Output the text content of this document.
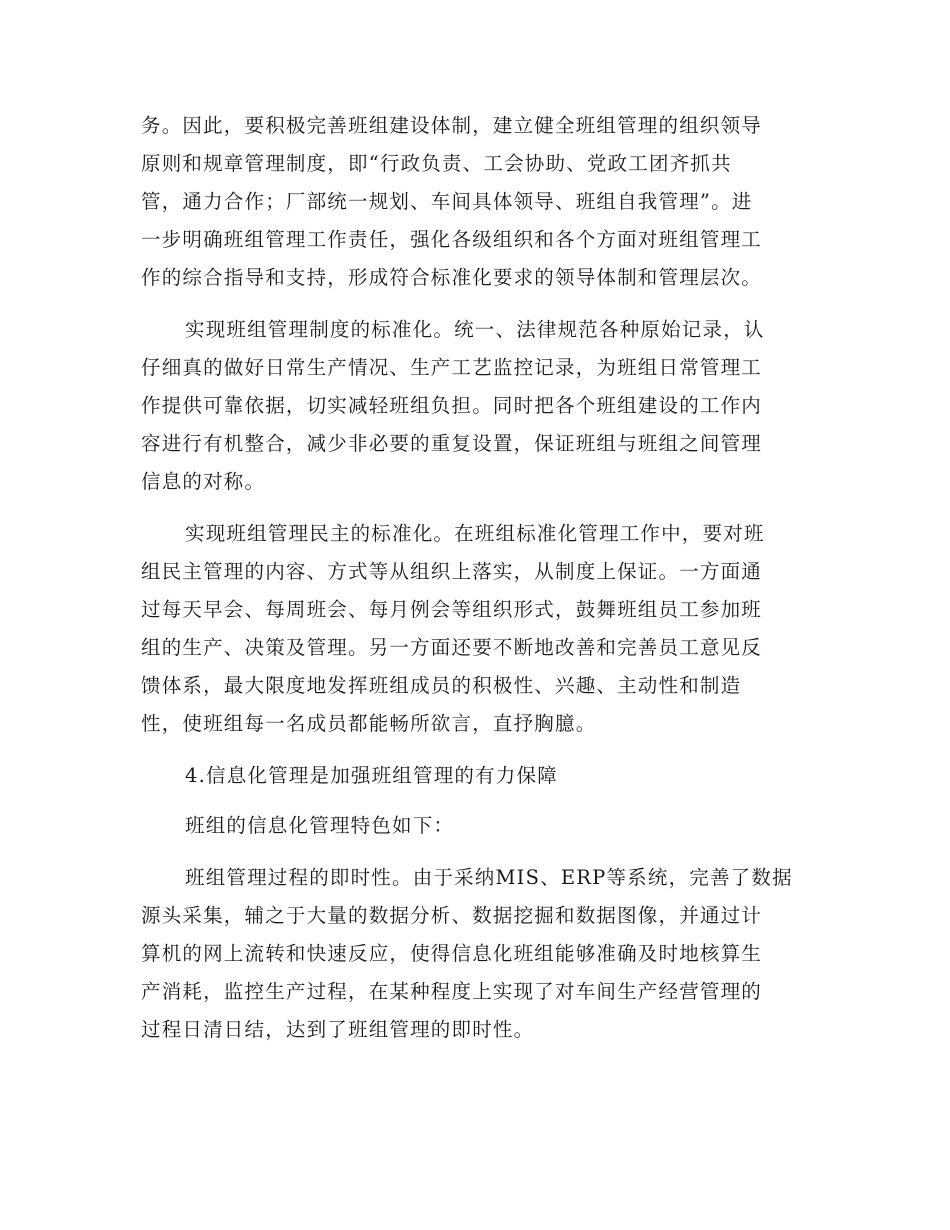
务。因此，要积极完善班组建设体制，建立健全班组管理的组织领导

原则和规章管理制度，即“行政负责、工会协助、党政工团齐抓共

管，通力合作；厂部统一规划、车间具体领导、班组自我管理”。进

一步明确班组管理工作责任，强化各级组织和各个方面对班组管理工

作的综合指导和支持，形成符合标准化要求的领导体制和管理层次。

实现班组管理制度的标准化。统一、法律规范各种原始记录，认

仔细真的做好日常生产情况、生产工艺监控记录，为班组日常管理工

作提供可靠依据，切实减轻班组负担。同时把各个班组建设的工作内

容进行有机整合，减少非必要的重复设置，保证班组与班组之间管理

信息的对称。

实现班组管理民主的标准化。在班组标准化管理工作中，要对班

组民主管理的内容、方式等从组织上落实，从制度上保证。一方面通

过每天早会、每周班会、每月例会等组织形式，鼓舞班组员工参加班

组的生产、决策及管理。另一方面还要不断地改善和完善员工意见反

馈体系，最大限度地发挥班组成员的积极性、兴趣、主动性和制造

性，使班组每一名成员都能畅所欲言，直抒胸臆。

4.信息化管理是加强班组管理的有力保障

班组的信息化管理特色如下：

班组管理过程的即时性。由于采纳MIS、ERP等系统，完善了数据

源头采集，辅之于大量的数据分析、数据挖掘和数据图像，并通过计

算机的网上流转和快速反应，使得信息化班组能够准确及时地核算生

产消耗，监控生产过程，在某种程度上实现了对车间生产经营管理的

过程日清日结，达到了班组管理的即时性。
